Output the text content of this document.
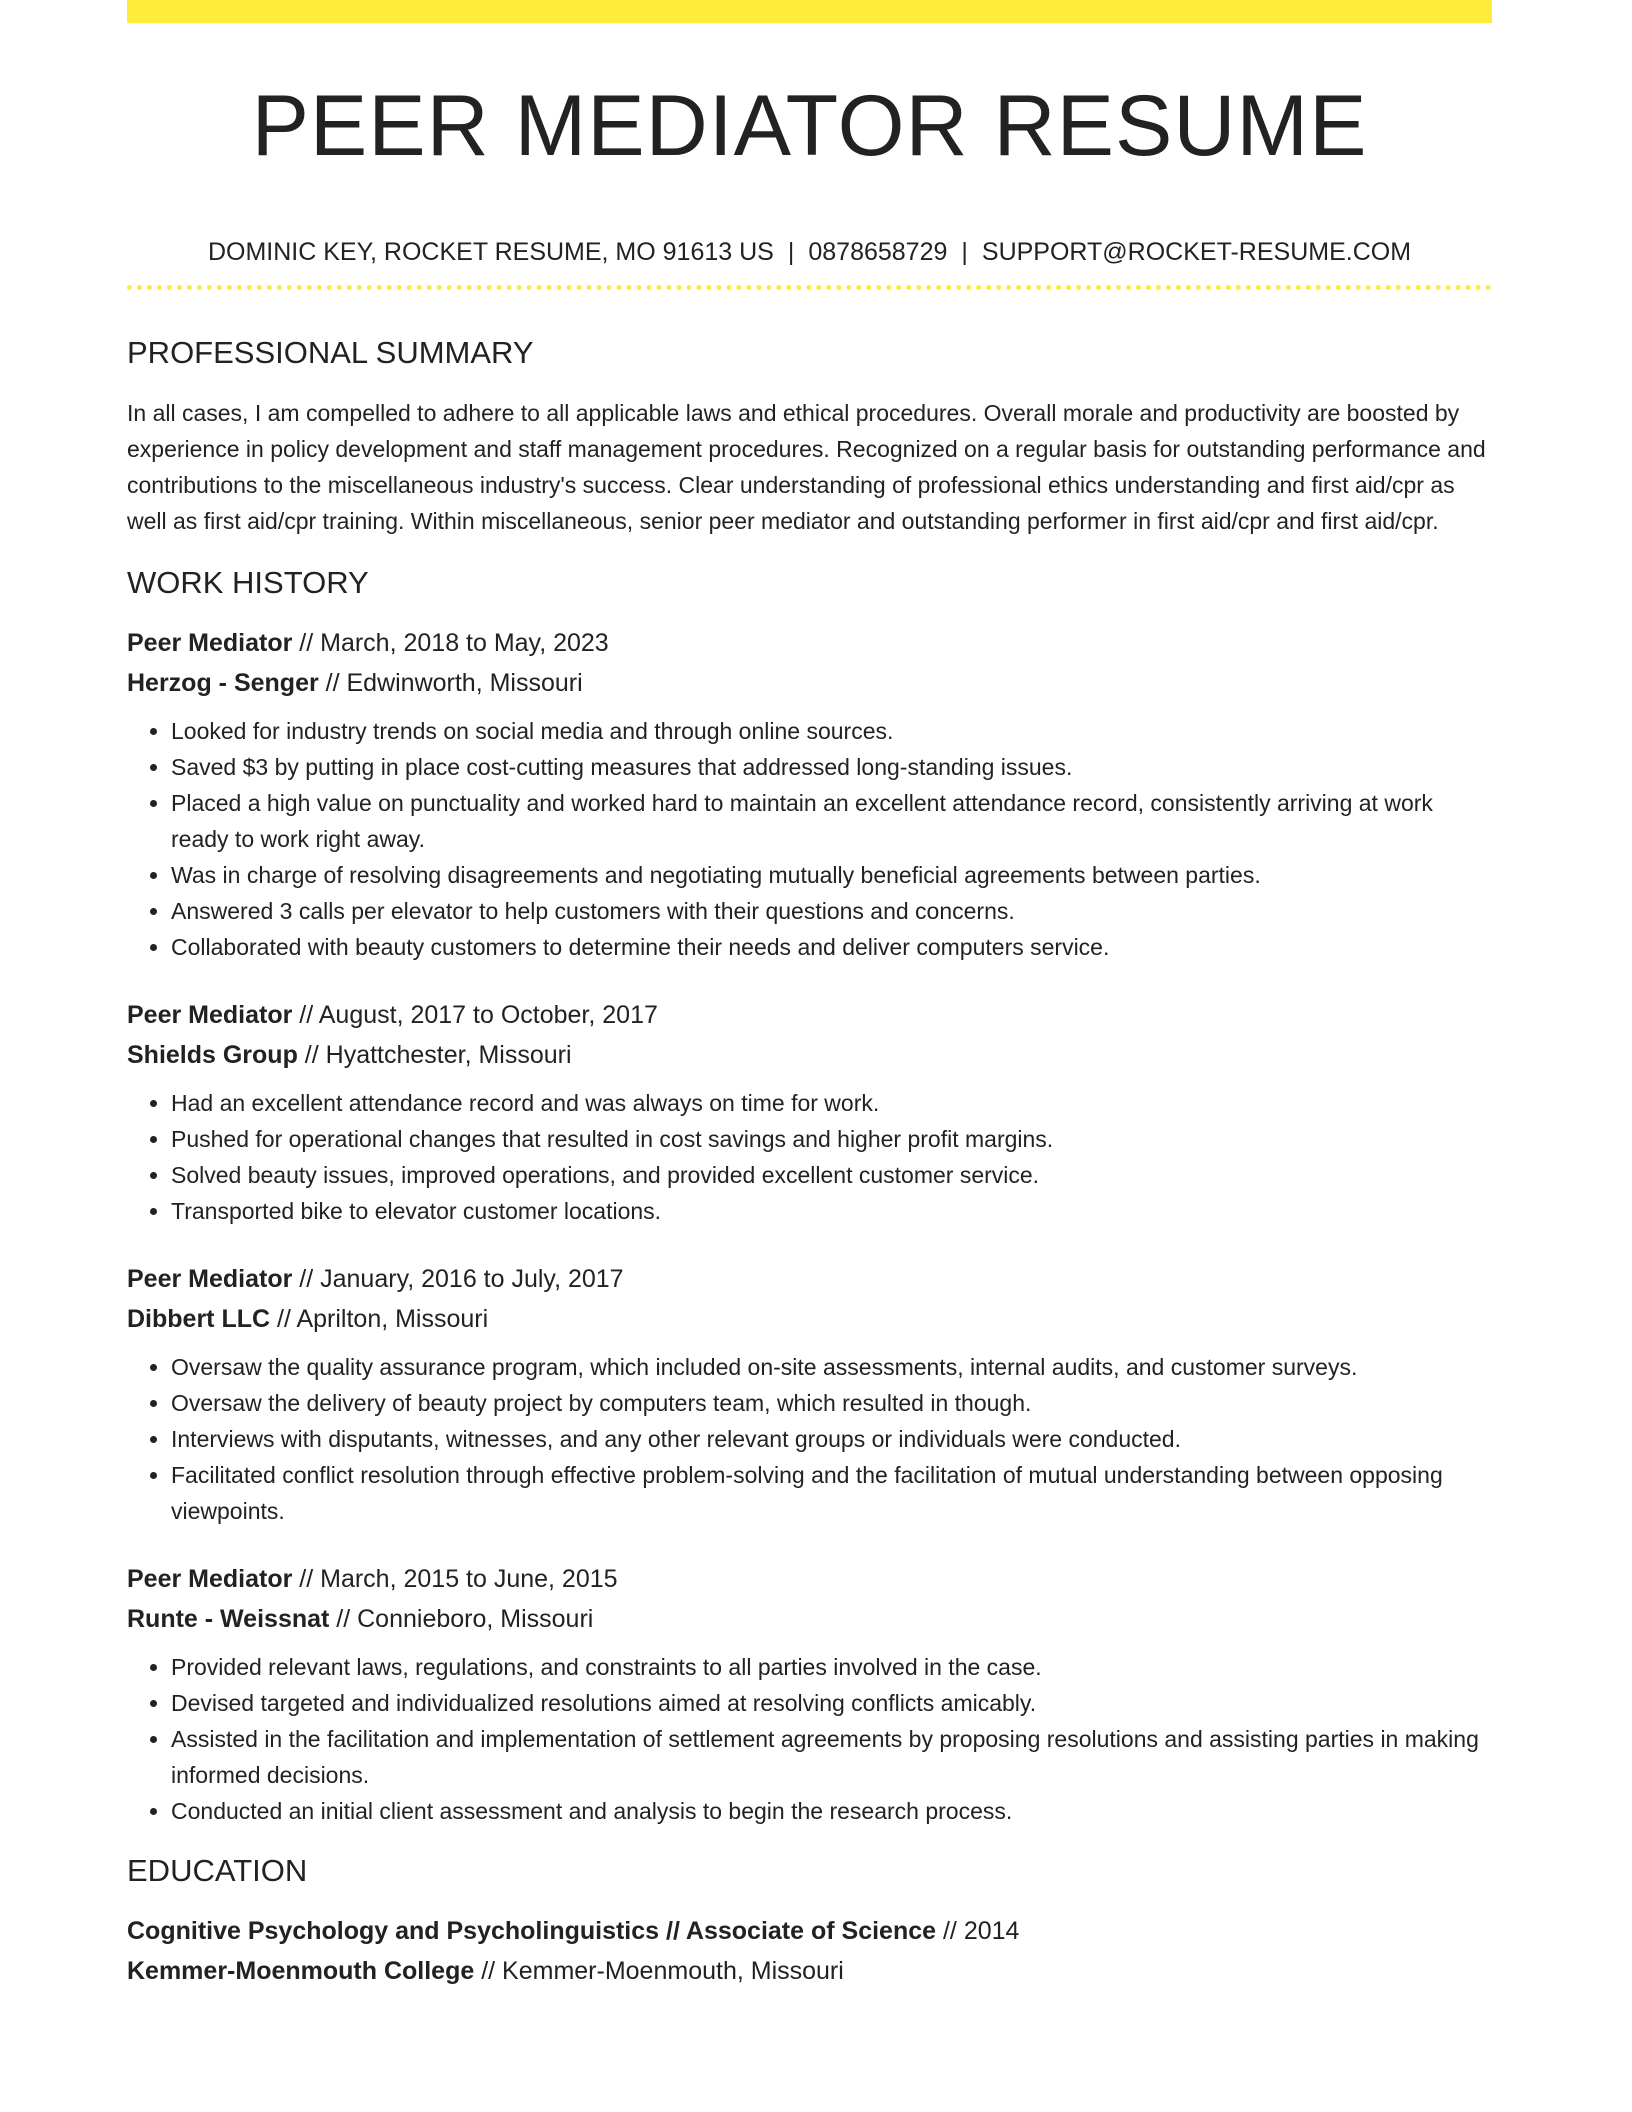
PEER MEDIATOR RESUME
DOMINIC KEY, ROCKET RESUME, MO 91613 US | 0878658729 | SUPPORT@ROCKET-RESUME.COM
PROFESSIONAL SUMMARY

In all cases, I am compelled to adhere to all applicable laws and ethical procedures. Overall morale and productivity are boosted by experience in policy development and staff management procedures. Recognized on a regular basis for outstanding performance and contributions to the miscellaneous industry's success. Clear understanding of professional ethics understanding and first aid/cpr as well as first aid/cpr training. Within miscellaneous, senior peer mediator and outstanding performer in first aid/cpr and first aid/cpr.

WORK HISTORY
Peer Mediator // March, 2018 to May, 2023
Herzog - Senger // Edwinworth, Missouri
• Looked for industry trends on social media and through online sources.
• Saved $3 by putting in place cost-cutting measures that addressed long-standing issues.
• Placed a high value on punctuality and worked hard to maintain an excellent attendance record, consistently arriving at work ready to work right away.
• Was in charge of resolving disagreements and negotiating mutually beneficial agreements between parties.
• Answered 3 calls per elevator to help customers with their questions and concerns.
• Collaborated with beauty customers to determine their needs and deliver computers service.
Peer Mediator // August, 2017 to October, 2017
Shields Group // Hyattchester, Missouri
• Had an excellent attendance record and was always on time for work.
• Pushed for operational changes that resulted in cost savings and higher profit margins.
• Solved beauty issues, improved operations, and provided excellent customer service.
• Transported bike to elevator customer locations.
Peer Mediator // January, 2016 to July, 2017
Dibbert LLC // Aprilton, Missouri
• Oversaw the quality assurance program, which included on-site assessments, internal audits, and customer surveys.
• Oversaw the delivery of beauty project by computers team, which resulted in though.
• Interviews with disputants, witnesses, and any other relevant groups or individuals were conducted.
• Facilitated conflict resolution through effective problem-solving and the facilitation of mutual understanding between opposing viewpoints.
Peer Mediator // March, 2015 to June, 2015
Runte - Weissnat // Connieboro, Missouri
• Provided relevant laws, regulations, and constraints to all parties involved in the case.
• Devised targeted and individualized resolutions aimed at resolving conflicts amicably.
• Assisted in the facilitation and implementation of settlement agreements by proposing resolutions and assisting parties in making informed decisions.
• Conducted an initial client assessment and analysis to begin the research process.
EDUCATION
Cognitive Psychology and Psycholinguistics // Associate of Science // 2014
Kemmer-Moenmouth College // Kemmer-Moenmouth, Missouri
